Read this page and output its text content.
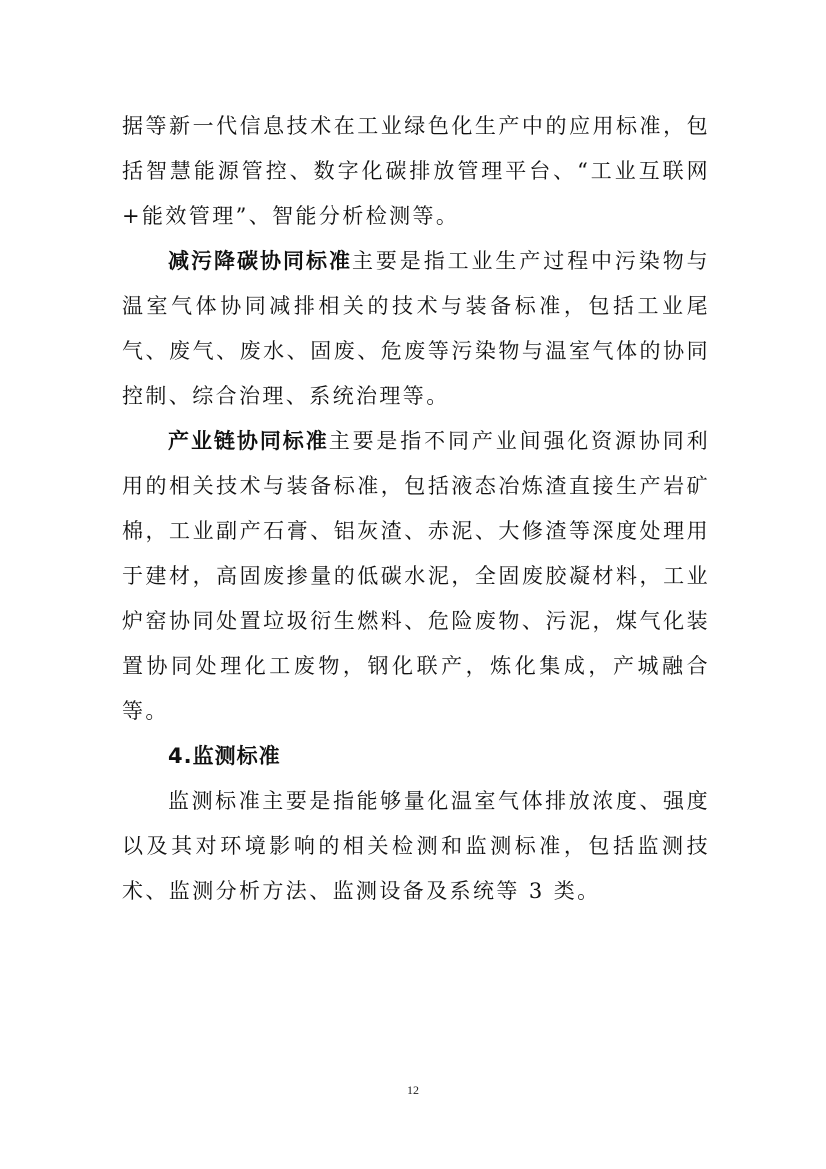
据等新一代信息技术在工业绿色化生产中的应用标准，包括智慧能源管控、数字化碳排放管理平台、“工业互联网+能效管理”、智能分析检测等。

减污降碳协同标准主要是指工业生产过程中污染物与温室气体协同减排相关的技术与装备标准，包括工业尾气、废气、废水、固废、危废等污染物与温室气体的协同控制、综合治理、系统治理等。

产业链协同标准主要是指不同产业间强化资源协同利用的相关技术与装备标准，包括液态冶炼渣直接生产岩矿棉，工业副产石膏、铝灰渣、赤泥、大修渣等深度处理用于建材，高固废掺量的低碳水泥，全固废胶凝材料，工业炉窑协同处置垃圾衍生燃料、危险废物、污泥，煤气化装置协同处理化工废物，钢化联产，炼化集成，产城融合等。

4.监测标准

监测标准主要是指能够量化温室气体排放浓度、强度以及其对环境影响的相关检测和监测标准，包括监测技术、监测分析方法、监测设备及系统等 3 类。

12
